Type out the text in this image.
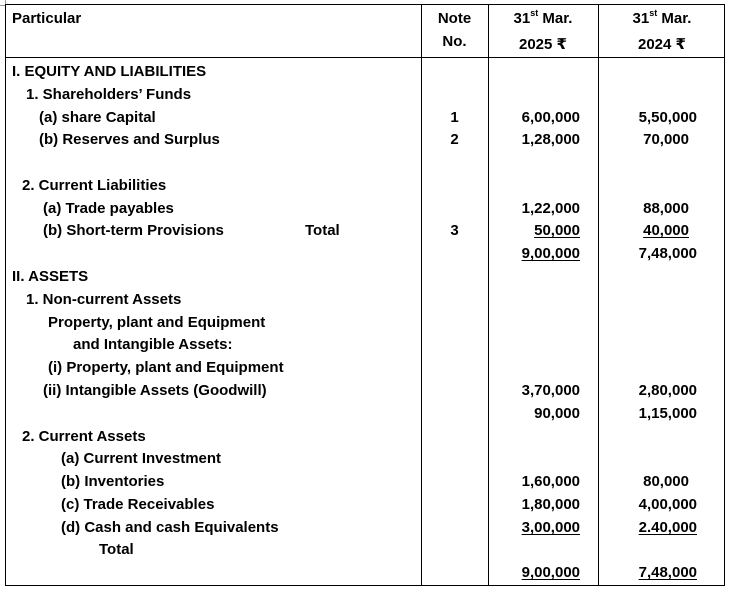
Particular	Note
No.
31st Mar.
2025 ₹
31st Mar.
2024 ₹
I. EQUITY AND LIABILITIES
1. Shareholders’ Funds
(a) share Capital
(b) Reserves and Surplus
2. Current Liabilities
(a) Trade payables
(b) Short-term Provisions	Total
II. ASSETS
1. Non-current Assets
Property, plant and Equipment
and Intangible Assets:
(i) Property, plant and Equipment
(ii) Intangible Assets (Goodwill)
2. Current Assets
(a) Current Investment
(b) Inventories
(c) Trade Receivables
(d) Cash and cash Equivalents
Total
1
2
3
6,00,000
1,28,000
1,22,000
50,000
9,00,000
3,70,000
90,000
1,60,000
1,80,000
3,00,000
9,00,000
5,50,000
70,000
88,000
40,000
7,48,000
2,80,000
1,15,000
80,000
4,00,000
2.40,000
7,48,000
